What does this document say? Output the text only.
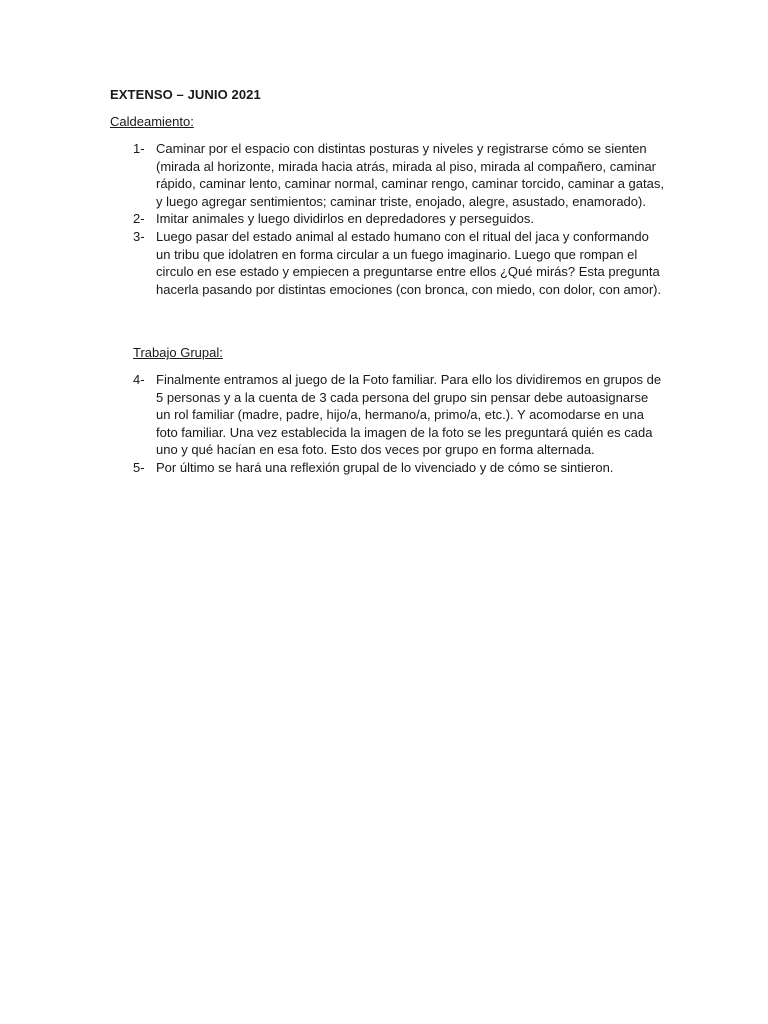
EXTENSO – JUNIO 2021
Caldeamiento:
1- Caminar por el espacio con distintas posturas y niveles y registrarse cómo se sienten (mirada al horizonte, mirada hacia atrás, mirada al piso, mirada al compañero, caminar rápido, caminar lento, caminar normal, caminar rengo, caminar torcido, caminar a gatas, y luego agregar sentimientos; caminar triste, enojado, alegre, asustado, enamorado).
2- Imitar animales y luego dividirlos en depredadores y perseguidos.
3- Luego pasar del estado animal al estado humano con el ritual del jaca y conformando un tribu que idolatren en forma circular a un fuego imaginario. Luego que rompan el circulo en ese estado y empiecen a preguntarse entre ellos ¿Qué mirás? Esta pregunta hacerla pasando por distintas emociones (con bronca, con miedo, con dolor, con amor).
Trabajo Grupal:
4- Finalmente entramos al juego de la Foto familiar. Para ello los dividiremos en grupos de 5 personas y a la cuenta de 3 cada persona del grupo sin pensar debe autoasignarse un rol familiar (madre, padre, hijo/a, hermano/a, primo/a, etc.). Y acomodarse en una foto familiar. Una vez establecida la imagen de la foto se les preguntará quién es cada uno y qué hacían en esa foto. Esto dos veces por grupo en forma alternada.
5- Por último se hará una reflexión grupal de lo vivenciado y de cómo se sintieron.
